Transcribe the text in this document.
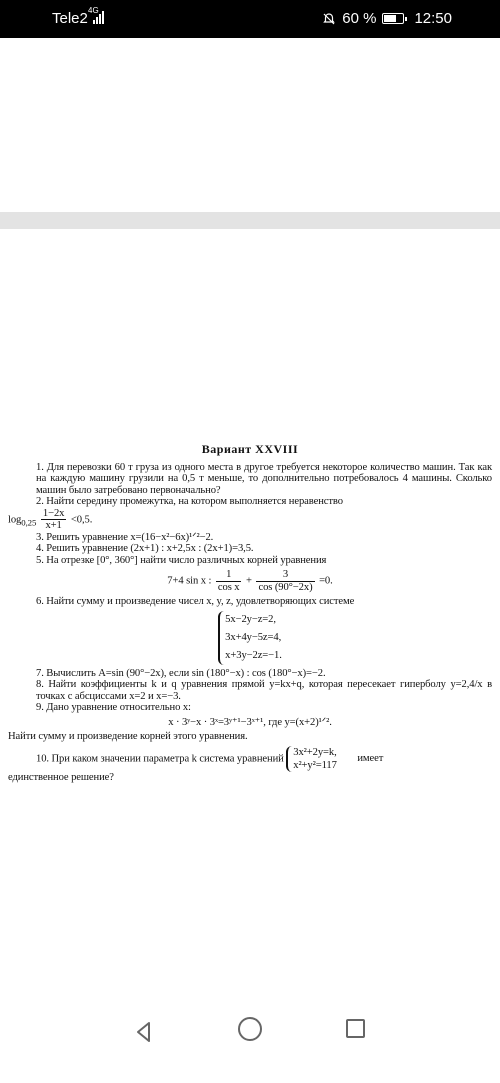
Tele2 4G	60 %	12:50
Вариант XXVIII

1. Для перевозки 60 т груза из одного места в другое требуется некоторое количество машин. Так как на каждую машину грузили на 0,5 т меньше, то дополнительно потребовалось 4 машины. Сколько машин было затребовано первоначально?

2. Найти середину промежутка, на котором выполняется неравенство

$\log_{0,25} \frac{1-2x}{x+1} <0,5$.

3. Решить уравнение x=(16−x²−6x)¹ᐟ²−2.

4. Решить уравнение (2x+1) : x+2,5x : (2x+1)=3,5.

5. На отрезке [0°, 360°] найти число различных корней уравнения

7+4 sin x : $\frac{1}{\text{cos x}} + \frac{3}{\cos (90^\circ-2x)} =0$.

6. Найти сумму и произведение чисел x, y, z, удовлетворяющих системе

5x−2y−z=2,
3x+4y−5z=4,
x+3y−2z=−1.

7. Вычислить A=sin (90°−2x), если sin (180°−x) : cos (180°−x)=−2.

8. Найти коэффициенты k и q уравнения прямой y=kx+q, которая пересекает гиперболу y=2,4/x в точках с абсциссами x=2 и x=−3.

9. Дано уравнение относительно x:

x · 3ʸ−x · 3ˣ=3ʸ⁺¹−3ˣ⁺¹, где y=(x+2)¹ᐟ².

Найти сумму и произведение корней этого уравнения.

10. При каком значении параметра k система уравнений
3x²+2y=k,
x²+y²=117
имеет

единственное решение?
